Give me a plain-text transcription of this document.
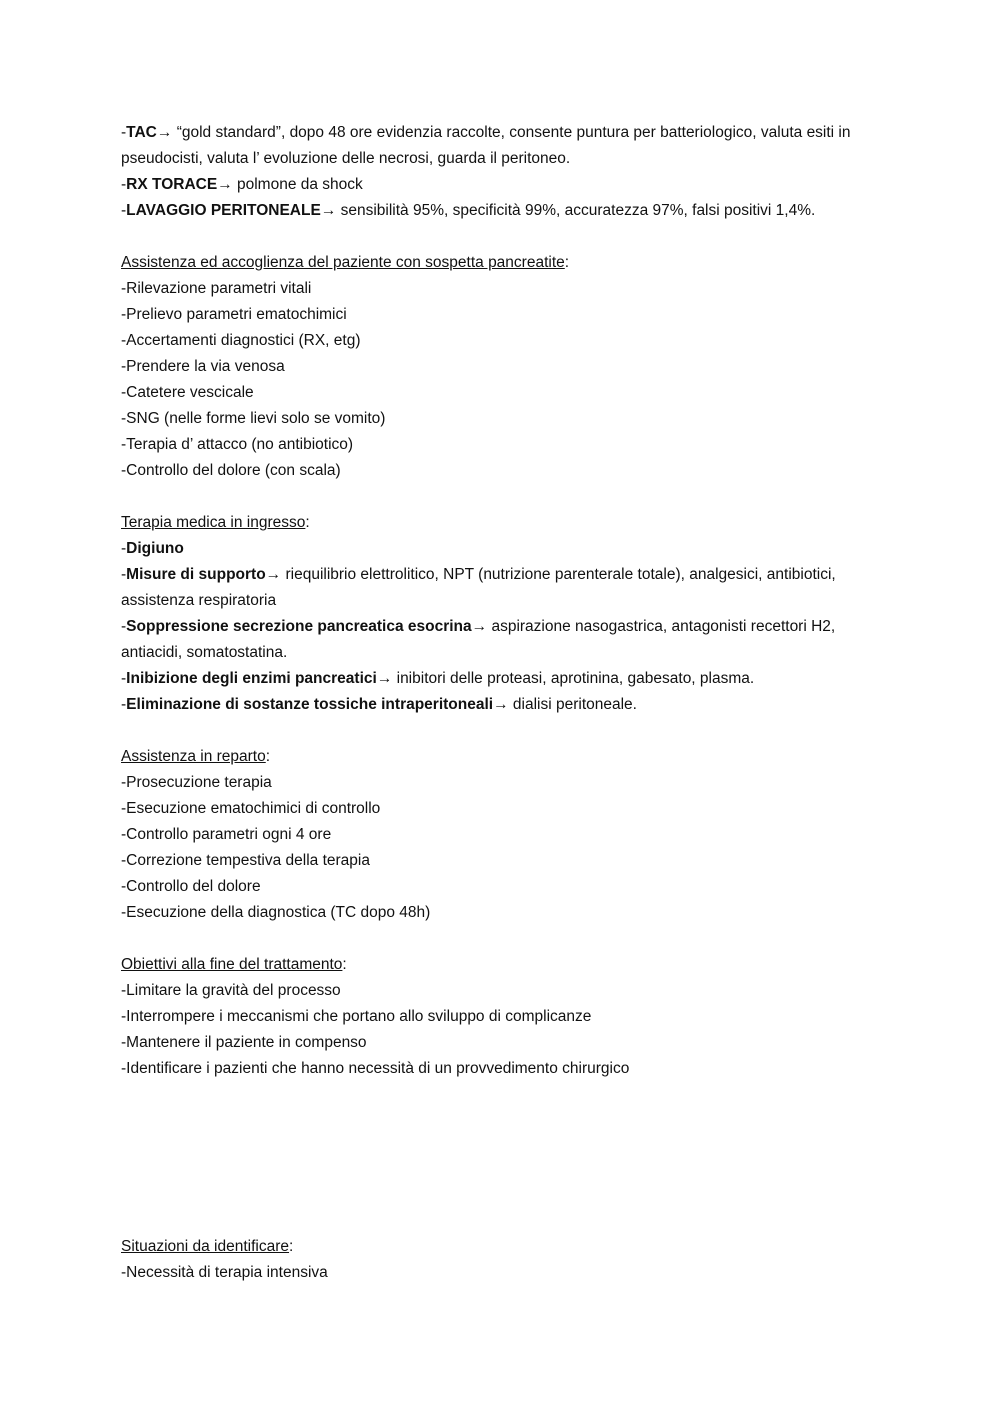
-TAC→ “gold standard”, dopo 48 ore evidenzia raccolte, consente puntura per batteriologico, valuta esiti in pseudocisti, valuta l’ evoluzione delle necrosi, guarda il peritoneo.
-RX TORACE→ polmone da shock
-LAVAGGIO PERITONEALE→ sensibilità 95%, specificità 99%, accuratezza 97%, falsi positivi 1,4%.
Assistenza ed accoglienza del paziente con sospetta pancreatite:
-Rilevazione parametri vitali
-Prelievo parametri ematochimici
-Accertamenti diagnostici (RX, etg)
-Prendere la via venosa
-Catetere vescicale
-SNG (nelle forme lievi solo se vomito)
-Terapia d’ attacco (no antibiotico)
-Controllo del dolore (con scala)
Terapia medica in ingresso:
-Digiuno
-Misure di supporto→ riequilibrio elettrolitico, NPT (nutrizione parenterale totale), analgesici, antibiotici, assistenza respiratoria
-Soppressione secrezione pancreatica esocrina→ aspirazione nasogastrica, antagonisti recettori H2, antiacidi, somatostatina.
-Inibizione degli enzimi pancreatici→ inibitori delle proteasi, aprotinina, gabesato, plasma.
-Eliminazione di sostanze tossiche intraperitoneali→ dialisi peritoneale.
Assistenza in reparto:
-Prosecuzione terapia
-Esecuzione ematochimici di controllo
-Controllo parametri ogni 4 ore
-Correzione tempestiva della terapia
-Controllo del dolore
-Esecuzione della diagnostica (TC dopo 48h)
Obiettivi alla fine del trattamento:
-Limitare la gravità del processo
-Interrompere i meccanismi che portano allo sviluppo di complicanze
-Mantenere il paziente in compenso
-Identificare i pazienti che hanno necessità di un provvedimento chirurgico
Situazioni da identificare:
-Necessità di terapia intensiva
